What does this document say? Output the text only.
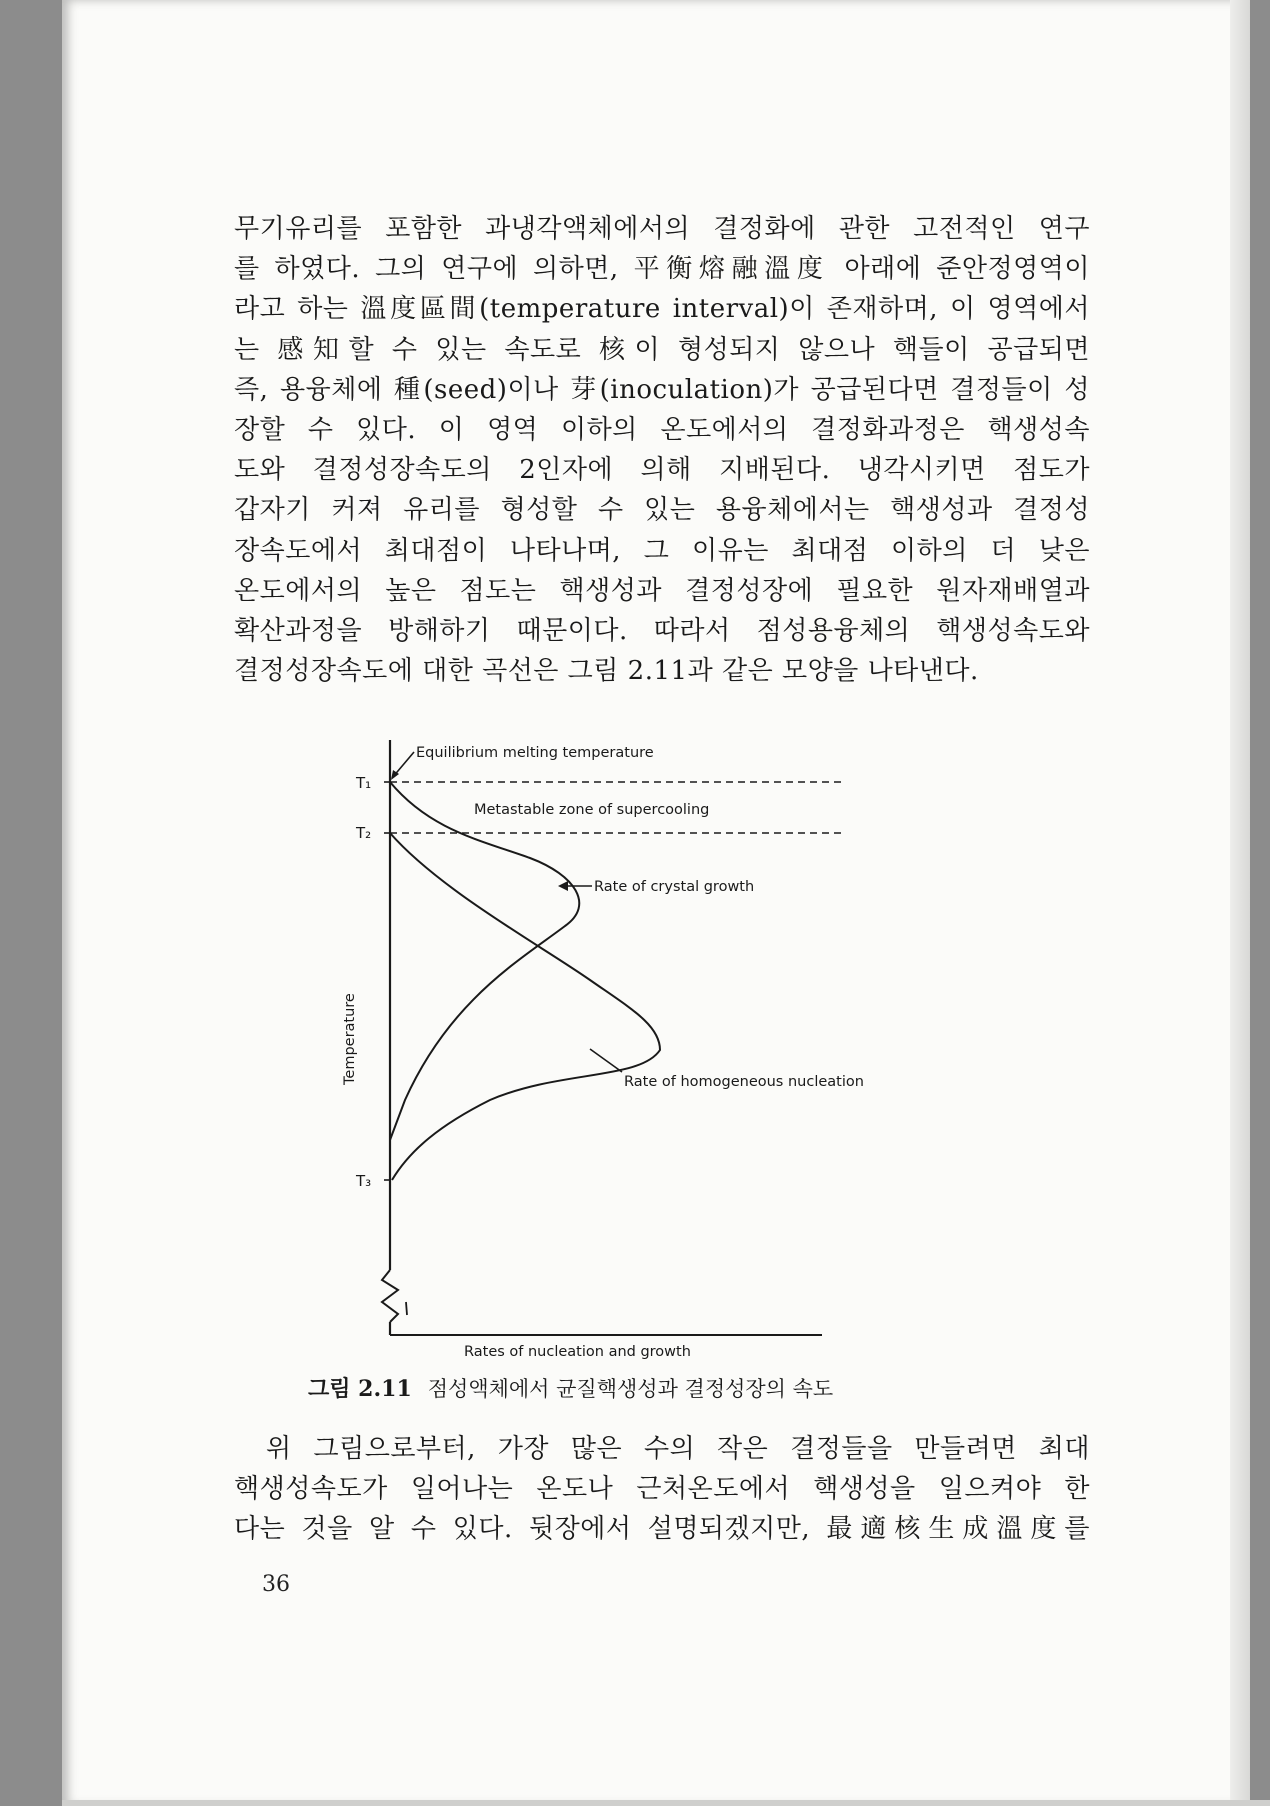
무기유리를 포함한 과냉각액체에서의 결정화에 관한 고전적인 연구
를 하였다. 그의 연구에 의하면, 平衡熔融溫度 아래에 준안정영역이
라고 하는 溫度區間(temperature interval)이 존재하며, 이 영역에서
는 感知할 수 있는 속도로 核이 형성되지 않으나 핵들이 공급되면
즉, 용융체에 種(seed)이나 芽(inoculation)가 공급된다면 결정들이 성
장할 수 있다. 이 영역 이하의 온도에서의 결정화과정은 핵생성속
도와 결정성장속도의 2인자에 의해 지배된다. 냉각시키면 점도가
갑자기 커져 유리를 형성할 수 있는 용융체에서는 핵생성과 결정성
장속도에서 최대점이 나타나며, 그 이유는 최대점 이하의 더 낮은
온도에서의 높은 점도는 핵생성과 결정성장에 필요한 원자재배열과
확산과정을 방해하기 때문이다. 따라서 점성용융체의 핵생성속도와
결정성장속도에 대한 곡선은 그림 2.11과 같은 모양을 나타낸다.
Equilibrium melting temperature
Metastable zone of supercooling
Rate of crystal growth
Rate of homogeneous nucleation
T₁
T₂
T₃
Temperature
Rates of nucleation and growth
그림 2.11 점성액체에서 균질핵생성과 결정성장의 속도
위 그림으로부터, 가장 많은 수의 작은 결정들을 만들려면 최대
핵생성속도가 일어나는 온도나 근처온도에서 핵생성을 일으켜야 한
다는 것을 알 수 있다. 뒷장에서 설명되겠지만, 最適核生成溫度를
36
